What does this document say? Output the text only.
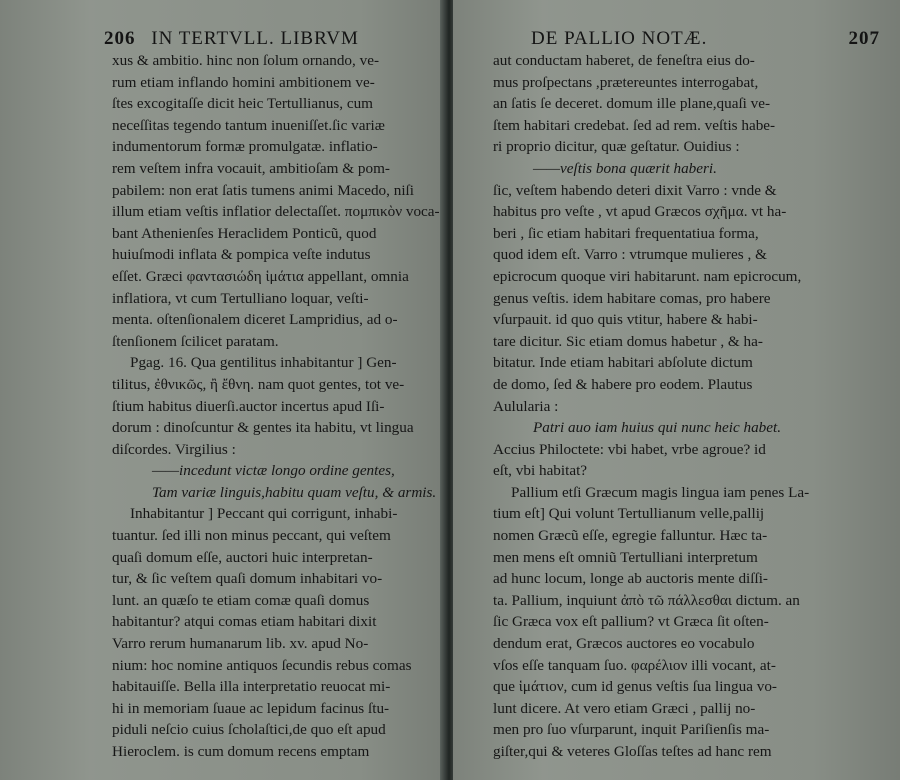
206 IN TERTVLL. LIBRVM
xus & ambitio. hinc non ſolum ornando, ve-
rum etiam inflando homini ambitionem ve-
ſtes excogitaſſe dicit heic Tertullianus, cum
neceſſitas tegendo tantum inueniſſet.ſic variæ
indumentorum formæ promulgatæ. inflatio-
rem veſtem infra vocauit, ambitioſam & pom-
pabilem: non erat ſatis tumens animi Macedo, niſi
illum etiam veſtis inflatior delectaſſet. πομπικὸν voca-
bant Athenienſes Heraclidem Ponticũ, quod
huiuſmodi inflata & pompica veſte indutus
eſſet. Græci φαντασιώδη ἱμάτια appellant, omnia
inflatiora, vt cum Tertulliano loquar, veſti-
menta. oſtenſionalem diceret Lampridius, ad o-
ſtenſionem ſcilicet paratam.
Pgag. 16. Qua gentilitus inhabitantur ] Gen-
tilitus, ἐθνικῶς, ἢ ἔθνη. nam quot gentes, tot ve-
ſtium habitus diuerſi.auctor incertus apud Iſi-
dorum : dinoſcuntur & gentes ita habitu, vt lingua
diſcordes. Virgilius :
——incedunt victæ longo ordine gentes,
Tam variæ linguis,habitu quam veſtu, & armis.
Inhabitantur ] Peccant qui corrigunt, inhabi-
tuantur. ſed illi non minus peccant, qui veſtem
quaſi domum eſſe, auctori huic interpretan-
tur, & ſic veſtem quaſi domum inhabitari vo-
lunt. an quæſo te etiam comæ quaſi domus
habitantur? atqui comas etiam habitari dixit
Varro rerum humanarum lib. xv. apud No-
nium: hoc nomine antiquos ſecundis rebus comas
habitauiſſe. Bella illa interpretatio reuocat mi-
hi in memoriam ſuaue ac lepidum facinus ſtu-
piduli neſcio cuius ſcholaſtici,de quo eſt apud
Hieroclem. is cum domum recens emptam
DE PALLIO NOTÆ.	207
aut conductam haberet, de feneſtra eius do-
mus proſpectans ,prætereuntes interrogabat,
an ſatis ſe deceret. domum ille plane,quaſi ve-
ſtem habitari credebat. ſed ad rem. veſtis habe-
ri proprio dicitur, quæ geſtatur. Ouidius :
——veſtis bona quærit haberi.
ſic, veſtem habendo deteri dixit Varro : vnde &
habitus pro veſte , vt apud Græcos σχῆμα. vt ha-
beri , ſic etiam habitari frequentatiua forma,
quod idem eſt. Varro : vtrumque mulieres , &
epicrocum quoque viri habitarunt. nam epicrocum,
genus veſtis. idem habitare comas, pro habere
vſurpauit. id quo quis vtitur, habere & habi-
tare dicitur. Sic etiam domus habetur , & ha-
bitatur. Inde etiam habitari abſolute dictum
de domo, ſed & habere pro eodem. Plautus
Aulularia :
Patri auo iam huius qui nunc heic habet.
Accius Philoctete: vbi habet, vrbe agroue? id
eſt, vbi habitat?
Pallium etſi Græcum magis lingua iam penes La-
tium eſt] Qui volunt Tertullianum velle,pallij
nomen Græcũ eſſe, egregie falluntur. Hæc ta-
men mens eſt omniũ Tertulliani interpretum
ad hunc locum, longe ab auctoris mente diſſi-
ta. Pallium, inquiunt ἀπὸ τῶ πάλλεσθαι dictum. an
ſic Græca vox eſt pallium? vt Græca ſit oſten-
dendum erat, Græcos auctores eo vocabulo
vſos eſſe tanquam ſuo. φαρέλιον illi vocant, at-
que ἱμάτιον, cum id genus veſtis ſua lingua vo-
lunt dicere. At vero etiam Græci , pallij no-
men pro ſuo vſurparunt, inquit Pariſienſis ma-
giſter,qui & veteres Gloſſas teſtes ad hanc rem
